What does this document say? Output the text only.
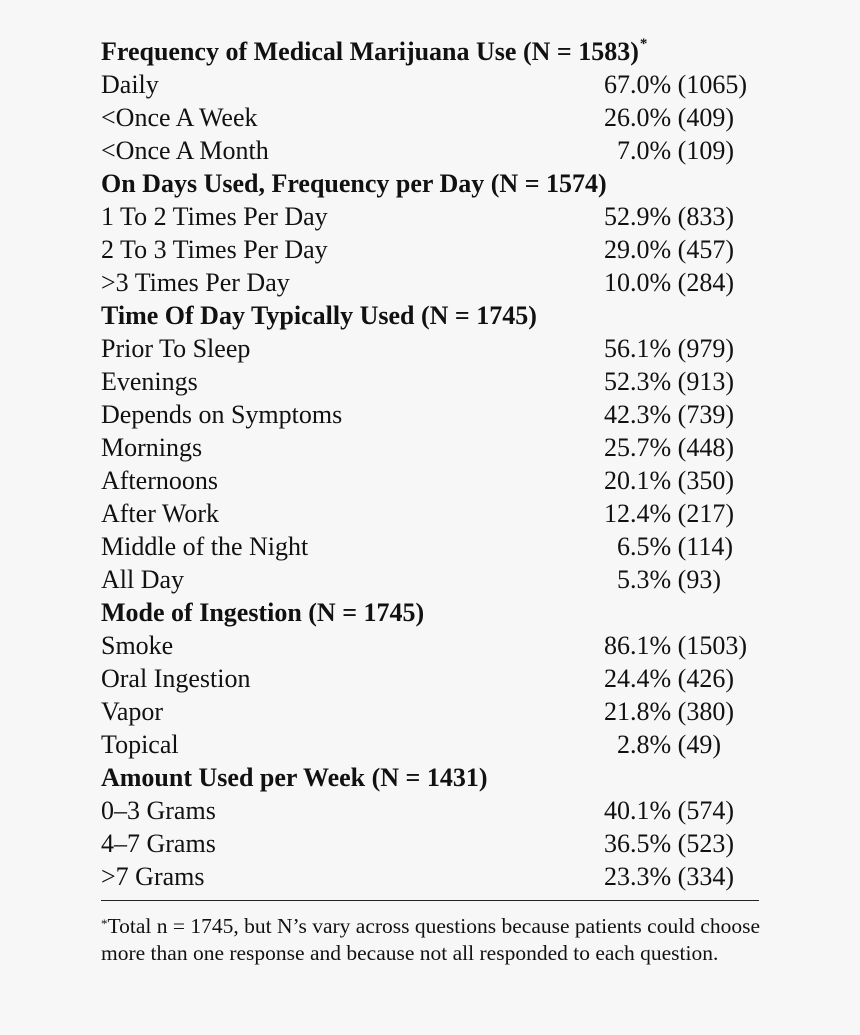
Frequency of Medical Marijuana Use (N = 1583)*
Daily	67.0% (1065)
<Once A Week	26.0% (409)
<Once A Month	 7.0% (109)
On Days Used, Frequency per Day (N = 1574)
1 To 2 Times Per Day	52.9% (833)
2 To 3 Times Per Day	29.0% (457)
>3 Times Per Day	10.0% (284)
Time Of Day Typically Used (N = 1745)
Prior To Sleep	56.1% (979)
Evenings	52.3% (913)
Depends on Symptoms	42.3% (739)
Mornings	25.7% (448)
Afternoons	20.1% (350)
After Work	12.4% (217)
Middle of the Night	 6.5% (114)
All Day	 5.3% (93)
Mode of Ingestion (N = 1745)
Smoke	86.1% (1503)
Oral Ingestion	24.4% (426)
Vapor	21.8% (380)
Topical	 2.8% (49)
Amount Used per Week (N = 1431)
0–3 Grams	40.1% (574)
4–7 Grams	36.5% (523)
>7 Grams	23.3% (334)
*Total n = 1745, but N’s vary across questions because patients could choose more than one response and because not all responded to each question.
